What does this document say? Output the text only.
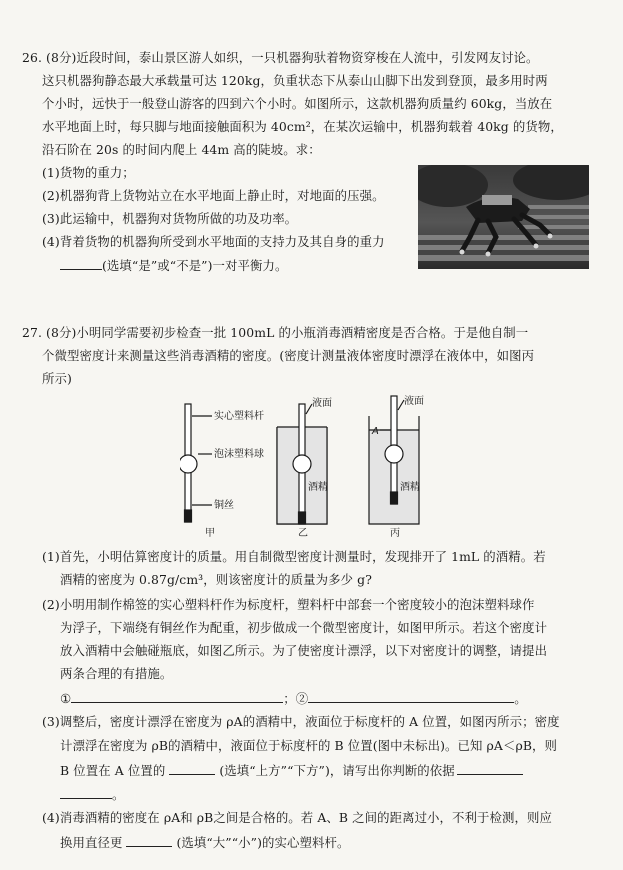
26. (8分)近段时间，泰山景区游人如织，一只机器狗驮着物资穿梭在人流中，引发网友讨论。
这只机器狗静态最大承载量可达 120kg，负重状态下从泰山山脚下出发到登顶，最多用时两
个小时，远快于一般登山游客的四到六个小时。如图所示，这款机器狗质量约 60kg，当放在
水平地面上时，每只脚与地面接触面积为 40cm²，在某次运输中，机器狗载着 40kg 的货物，
沿石阶在 20s 的时间内爬上 44m 高的陡坡。求：
(1)货物的重力；
(2)机器狗背上货物站立在水平地面上静止时，对地面的压强。
(3)此运输中，机器狗对货物所做的功及功率。
(4)背着货物的机器狗所受到水平地面的支持力及其自身的重力
(选填“是”或“不是”)一对平衡力。
27. (8分)小明同学需要初步检查一批 100mL 的小瓶消毒酒精密度是否合格。于是他自制一
个微型密度计来测量这些消毒酒精的密度。(密度计测量液体密度时漂浮在液体中，如图丙
所示)
实心塑料杆
泡沫塑料球
铜丝
液面
酒精
液面
酒精
A
甲	乙	丙
(1)首先，小明估算密度计的质量。用自制微型密度计测量时，发现排开了 1mL 的酒精。若
酒精的密度为 0.87g/cm³，则该密度计的质量为多少 g?
(2)小明用制作棉签的实心塑料杆作为标度杆，塑料杆中部套一个密度较小的泡沫塑料球作
为浮子，下端绕有铜丝作为配重，初步做成一个微型密度计，如图甲所示。若这个密度计
放入酒精中会触碰瓶底，如图乙所示。为了使密度计漂浮，以下对密度计的调整，请提出
两条合理的有措施。
①	；②	。
(3)调整后，密度计漂浮在密度为 ρA的酒精中，液面位于标度杆的 A 位置，如图丙所示；密度
计漂浮在密度为 ρB的酒精中，液面位于标度杆的 B 位置(图中未标出)。已知 ρA＜ρB，则
B 位置在 A 位置的	(选填“上方”“下方”)，请写出你判断的依据
。
(4)消毒酒精的密度在 ρA和 ρB之间是合格的。若 A、B 之间的距离过小，不利于检测，则应
换用直径更	(选填“大”“小”)的实心塑料杆。
